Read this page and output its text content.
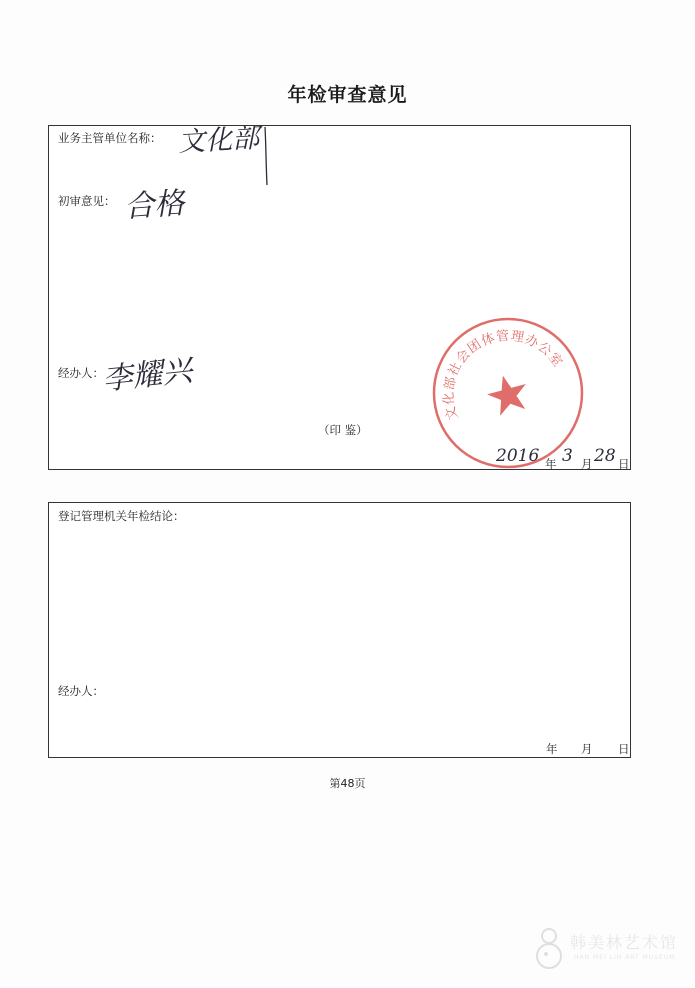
年检审查意见
业务主管单位名称： 文化部
初审意见： 合格
经办人：
李耀兴
（印 鉴）
文化部社会团体管理办公室
2016 年 3 月 28 日
登记管理机关年检结论：
经办人：
年 月 日
第48页
韩美林艺术馆
HAN MEI LIN ART MUSEUM
